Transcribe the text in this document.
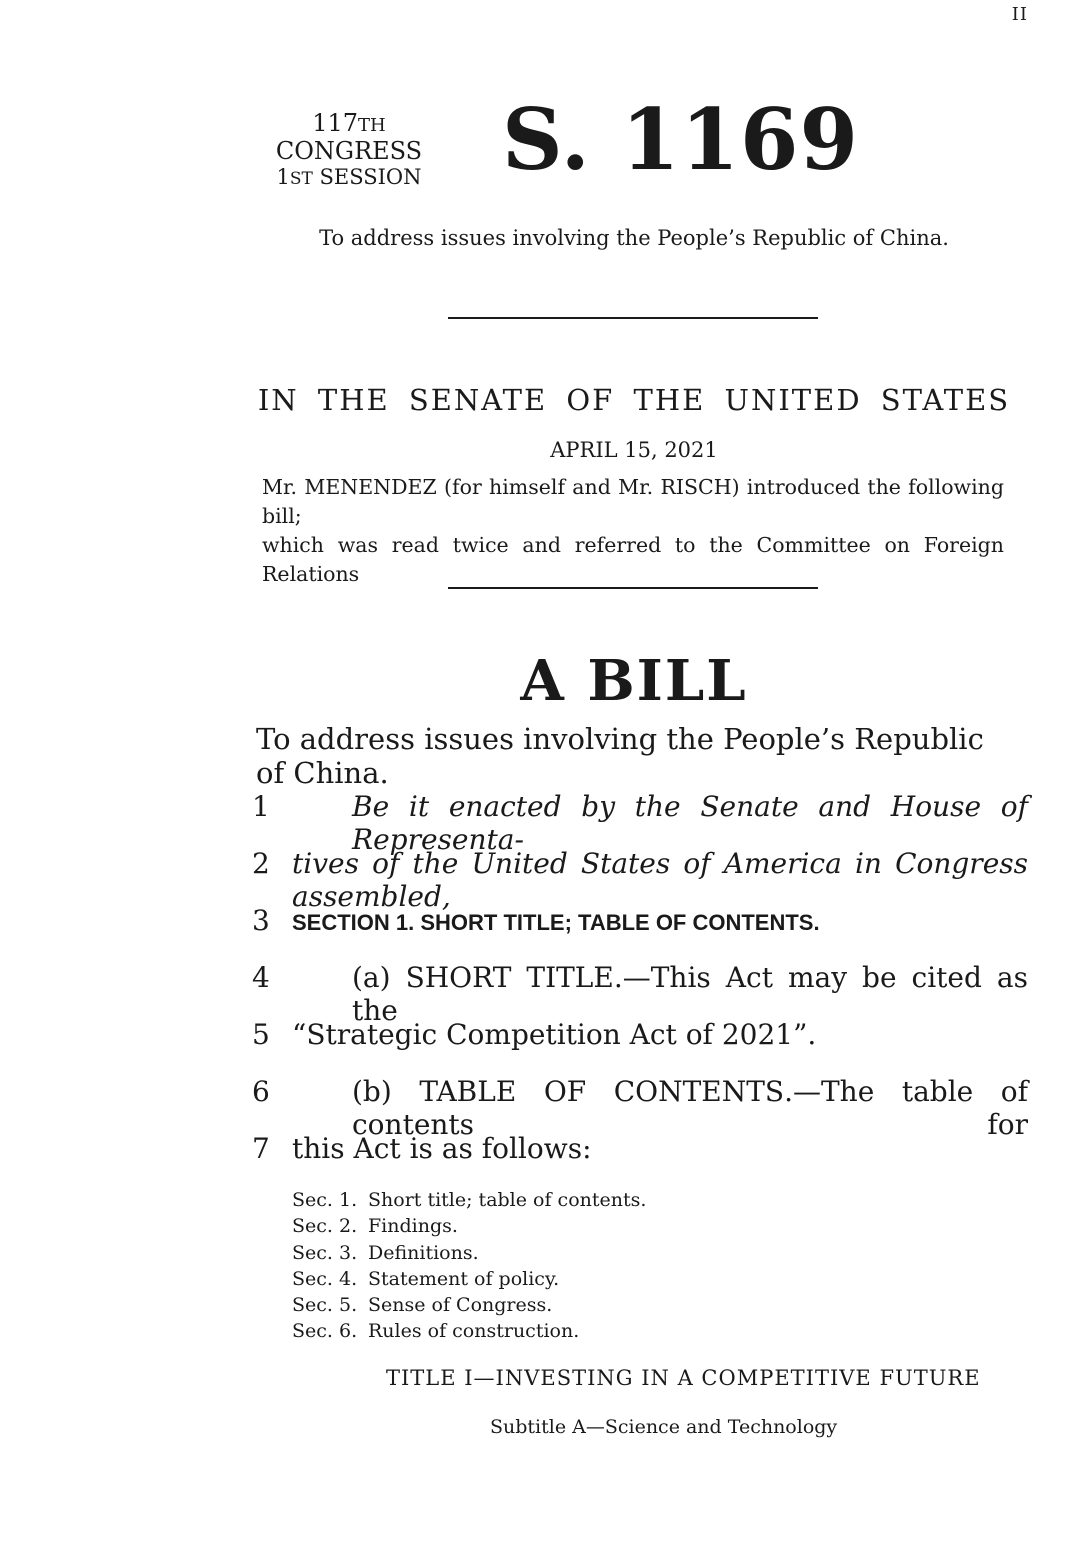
II
117TH CONGRESS
1ST SESSION S. 1169
To address issues involving the People’s Republic of China.
IN THE SENATE OF THE UNITED STATES
APRIL 15, 2021
Mr. MENENDEZ (for himself and Mr. RISCH) introduced the following bill;
which was read twice and referred to the Committee on Foreign Relations
A BILL
To address issues involving the People’s Republic of China.
1	Be it enacted by the Senate and House of Representa-
2 tives of the United States of America in Congress assembled,
3 SECTION 1. SHORT TITLE; TABLE OF CONTENTS.
4	(a) SHORT TITLE.—This Act may be cited as the
5 “Strategic Competition Act of 2021”.
6	(b) TABLE OF CONTENTS.—The table of contents for
7 this Act is as follows:
Sec. 1. Short title; table of contents.
Sec. 2. Findings.
Sec. 3. Definitions.
Sec. 4. Statement of policy.
Sec. 5. Sense of Congress.
Sec. 6. Rules of construction.
TITLE I—INVESTING IN A COMPETITIVE FUTURE
Subtitle A—Science and Technology
